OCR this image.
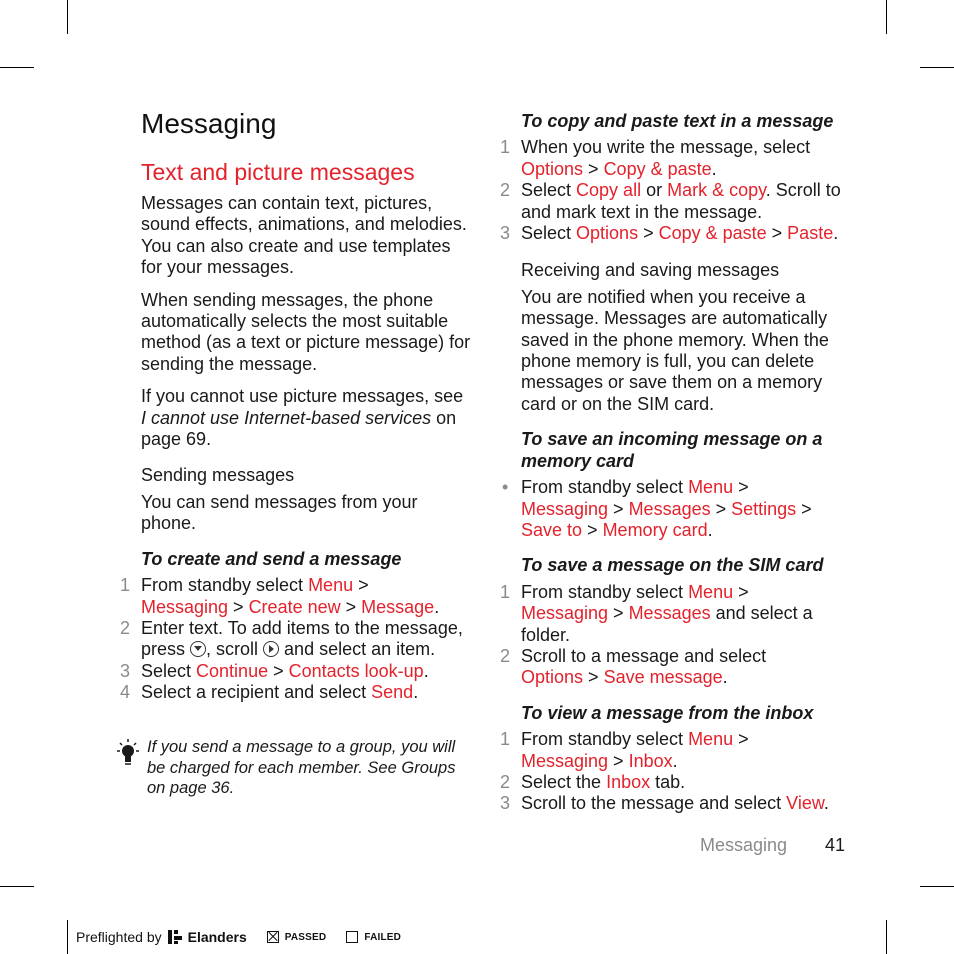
Messaging
Text and picture messages

Messages can contain text, pictures, sound effects, animations, and melodies. You can also create and use templates for your messages.

When sending messages, the phone automatically selects the most suitable method (as a text or picture message) for sending the message.

If you cannot use picture messages, see I cannot use Internet-based services on page 69.

Sending messages

You can send messages from your phone.

To create and send a message

1 From standby select Menu >
Messaging > Create new > Message.
2 Enter text. To add items to the message, press , scroll  and select an item.
3 Select Continue > Contacts look-up.
4 Select a recipient and select Send.
If you send a message to a group, you will be charged for each member. See Groups on page 36.

To copy and paste text in a message

1 When you write the message, select Options > Copy & paste.
2 Select Copy all or Mark & copy. Scroll to and mark text in the message.
3 Select Options > Copy & paste > Paste.

Receiving and saving messages

You are notified when you receive a message. Messages are automatically saved in the phone memory. When the phone memory is full, you can delete messages or save them on a memory card or on the SIM card.

To save an incoming message on a memory card

• From standby select Menu >
Messaging > Messages > Settings >
Save to > Memory card.

To save a message on the SIM card

1 From standby select Menu >
Messaging > Messages and select a folder.
2 Scroll to a message and select
Options > Save message.

To view a message from the inbox

1 From standby select Menu >
Messaging > Inbox.
2 Select the Inbox tab.
3 Scroll to the message and select View.
Messaging 41
Preflighted by Elanders	PASSED	FAILED
